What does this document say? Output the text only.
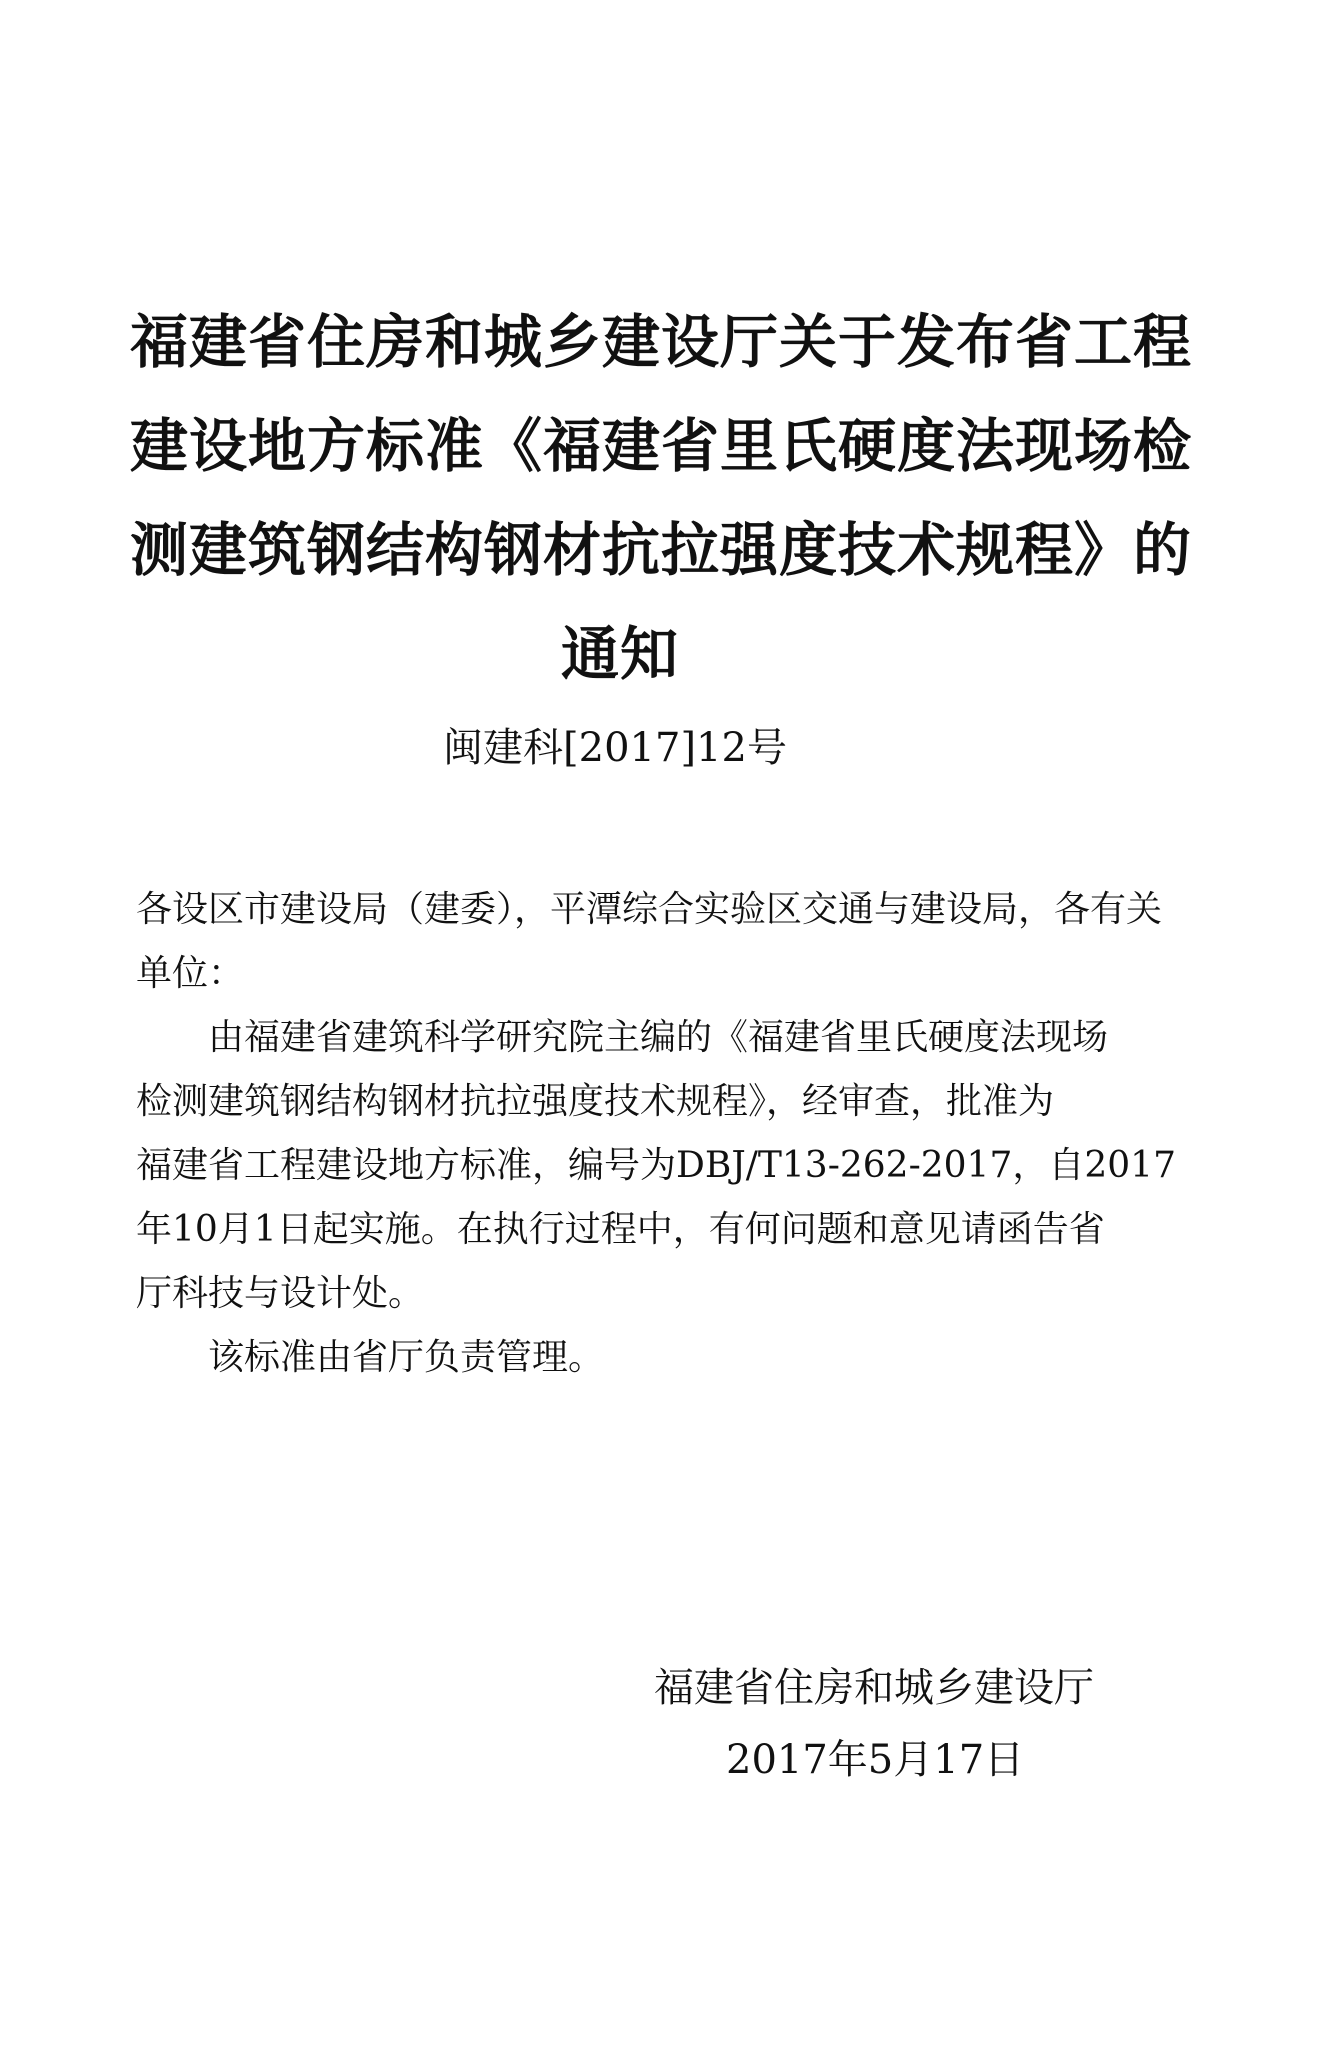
福建省住房和城乡建设厅关于发布省工程
建设地方标准《福建省里氏硬度法现场检
测建筑钢结构钢材抗拉强度技术规程》的
通知
闽建科[2017]12号
各设区市建设局（建委），平潭综合实验区交通与建设局，各有关
单位：
由福建省建筑科学研究院主编的《福建省里氏硬度法现场
检测建筑钢结构钢材抗拉强度技术规程》，经审查，批准为
福建省工程建设地方标准，编号为DBJ/T13-262-2017，自2017
年10月1日起实施。在执行过程中，有何问题和意见请函告省
厅科技与设计处。
该标准由省厅负责管理。
福建省住房和城乡建设厅
2017年5月17日
